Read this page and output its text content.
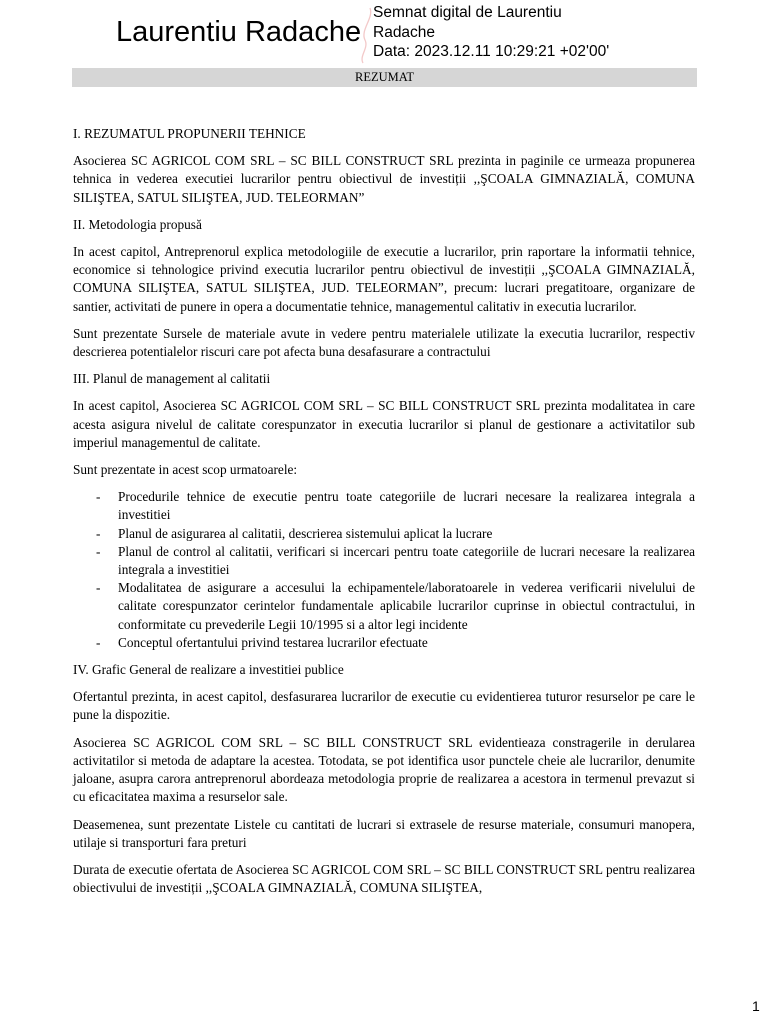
Laurentiu Radache
Semnat digital de Laurentiu
Radache
Data: 2023.12.11 10:29:21 +02'00'
REZUMAT
I. REZUMATUL PROPUNERII TEHNICE

Asocierea SC AGRICOL COM SRL – SC BILL CONSTRUCT SRL prezinta in paginile ce urmeaza propunerea tehnica in vederea executiei lucrarilor pentru obiectivul de investiții ,,ŞCOALA GIMNAZIALĂ, COMUNA SILIŞTEA, SATUL SILIŞTEA, JUD. TELEORMAN”

II. Metodologia propusă

In acest capitol, Antreprenorul explica metodologiile de executie a lucrarilor, prin raportare la informatii tehnice, economice si tehnologice privind executia lucrarilor pentru obiectivul de investiții ,,ŞCOALA GIMNAZIALĂ, COMUNA SILIŞTEA, SATUL SILIŞTEA, JUD. TELEORMAN”, precum: lucrari pregatitoare, organizare de santier, activitati de punere in opera a documentatie tehnice, managementul calitativ in executia lucrarilor.

Sunt prezentate Sursele de materiale avute in vedere pentru materialele utilizate la executia lucrarilor, respectiv descrierea potentialelor riscuri care pot afecta buna desafasurare a contractului

III. Planul de management al calitatii

In acest capitol, Asocierea SC AGRICOL COM SRL – SC BILL CONSTRUCT SRL prezinta modalitatea in care acesta asigura nivelul de calitate corespunzator in executia lucrarilor si planul de gestionare a activitatilor sub imperiul managementul de calitate.

Sunt prezentate in acest scop urmatoarele:

- Procedurile tehnice de executie pentru toate categoriile de lucrari necesare la realizarea integrala a investitiei
- Planul de asigurarea al calitatii, descrierea sistemului aplicat la lucrare
- Planul de control al calitatii, verificari si incercari pentru toate categoriile de lucrari necesare la realizarea integrala a investitiei
- Modalitatea de asigurare a accesului la echipamentele/laboratoarele in vederea verificarii nivelului de calitate corespunzator cerintelor fundamentale aplicabile lucrarilor cuprinse in obiectul contractului, in conformitate cu prevederile Legii 10/1995 si a altor legi incidente
- Conceptul ofertantului privind testarea lucrarilor efectuate
IV. Grafic General de realizare a investitiei publice

Ofertantul prezinta, in acest capitol, desfasurarea lucrarilor de executie cu evidentierea tuturor resurselor pe care le pune la dispozitie.

Asocierea SC AGRICOL COM SRL – SC BILL CONSTRUCT SRL evidentieaza constragerile in derularea activitatilor si metoda de adaptare la acestea. Totodata, se pot identifica usor punctele cheie ale lucrarilor, denumite jaloane, asupra carora antreprenorul abordeaza metodologia proprie de realizarea a acestora in termenul prevazut si cu eficacitatea maxima a resurselor sale.

Deasemenea, sunt prezentate Listele cu cantitati de lucrari si extrasele de resurse materiale, consumuri manopera, utilaje si transporturi fara preturi

Durata de executie ofertata de Asocierea SC AGRICOL COM SRL – SC BILL CONSTRUCT SRL pentru realizarea obiectivului de investiții ,,ŞCOALA GIMNAZIALĂ, COMUNA SILIŞTEA,

1
